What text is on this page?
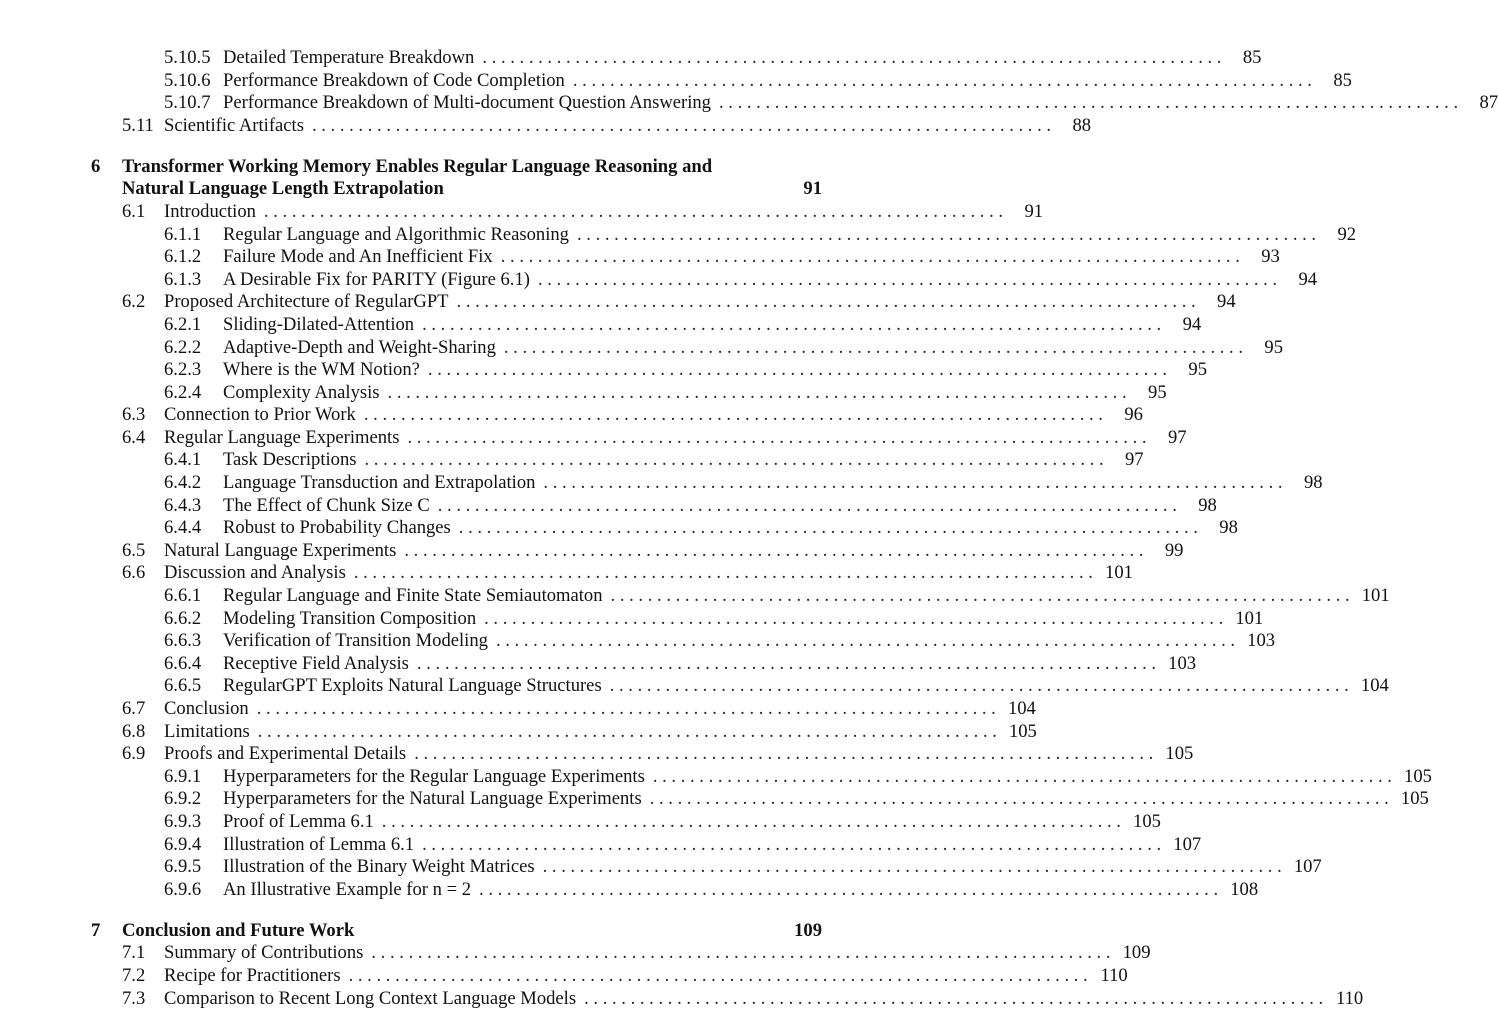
5.10.5 Detailed Temperature Breakdown . . . . . . . . . . . . . . . . . . . . . . . . . . . . . . . . . . . . . . . . . . . . . . . . . . . . . . . . . . . . . . . . . . . . . . . . . . . . . . . .	85
5.10.6 Performance Breakdown of Code Completion . . . . . . . . . . . . . . . . . . . . . . . . . . . . . . . . . . . . . . . . . . . . . . . . . . . . . . . . . . . . . . . . . . . . . . . . . . . . . . . .	85
5.10.7 Performance Breakdown of Multi-document Question Answering . . . . . . . . . . . . . . . . . . . . . . . . . . . . . . . . . . . . . . . . . . . . . . . . . . . . . . . . . . . . . . . . . . . . . . . . . . . . . . . .	87
5.11 Scientific Artifacts . . . . . . . . . . . . . . . . . . . . . . . . . . . . . . . . . . . . . . . . . . . . . . . . . . . . . . . . . . . . . . . . . . . . . . . . . . . . . . . .	88
6	Transformer Working Memory Enables Regular Language Reasoning and Natural Language Length Extrapolation	91
6.1	Introduction . . . . . . . . . . . . . . . . . . . . . . . . . . . . . . . . . . . . . . . . . . . . . . . . . . . . . . . . . . . . . . . . . . . . . . . . . . . . . . . .	91
6.1.1	Regular Language and Algorithmic Reasoning . . . . . . . . . . . . . . . . . . . . . . . . . . . . . . . . . . . . . . . . . . . . . . . . . . . . . . . . . . . . . . . . . . . . . . . . . . . . . . . .	92
6.1.2	Failure Mode and An Inefficient Fix . . . . . . . . . . . . . . . . . . . . . . . . . . . . . . . . . . . . . . . . . . . . . . . . . . . . . . . . . . . . . . . . . . . . . . . . . . . . . . . .	93
6.1.3	A Desirable Fix for PARITY (Figure 6.1) . . . . . . . . . . . . . . . . . . . . . . . . . . . . . . . . . . . . . . . . . . . . . . . . . . . . . . . . . . . . . . . . . . . . . . . . . . . . . . . .	94
6.2	Proposed Architecture of RegularGPT . . . . . . . . . . . . . . . . . . . . . . . . . . . . . . . . . . . . . . . . . . . . . . . . . . . . . . . . . . . . . . . . . . . . . . . . . . . . . . . .	94
6.2.1	Sliding-Dilated-Attention . . . . . . . . . . . . . . . . . . . . . . . . . . . . . . . . . . . . . . . . . . . . . . . . . . . . . . . . . . . . . . . . . . . . . . . . . . . . . . . .	94
6.2.2	Adaptive-Depth and Weight-Sharing . . . . . . . . . . . . . . . . . . . . . . . . . . . . . . . . . . . . . . . . . . . . . . . . . . . . . . . . . . . . . . . . . . . . . . . . . . . . . . . .	95
6.2.3	Where is the WM Notion? . . . . . . . . . . . . . . . . . . . . . . . . . . . . . . . . . . . . . . . . . . . . . . . . . . . . . . . . . . . . . . . . . . . . . . . . . . . . . . . .	95
6.2.4	Complexity Analysis . . . . . . . . . . . . . . . . . . . . . . . . . . . . . . . . . . . . . . . . . . . . . . . . . . . . . . . . . . . . . . . . . . . . . . . . . . . . . . . .	95
6.3	Connection to Prior Work . . . . . . . . . . . . . . . . . . . . . . . . . . . . . . . . . . . . . . . . . . . . . . . . . . . . . . . . . . . . . . . . . . . . . . . . . . . . . . . .	96
6.4	Regular Language Experiments . . . . . . . . . . . . . . . . . . . . . . . . . . . . . . . . . . . . . . . . . . . . . . . . . . . . . . . . . . . . . . . . . . . . . . . . . . . . . . . .	97
6.4.1	Task Descriptions . . . . . . . . . . . . . . . . . . . . . . . . . . . . . . . . . . . . . . . . . . . . . . . . . . . . . . . . . . . . . . . . . . . . . . . . . . . . . . . .	97
6.4.2	Language Transduction and Extrapolation . . . . . . . . . . . . . . . . . . . . . . . . . . . . . . . . . . . . . . . . . . . . . . . . . . . . . . . . . . . . . . . . . . . . . . . . . . . . . . . .	98
6.4.3	The Effect of Chunk Size C . . . . . . . . . . . . . . . . . . . . . . . . . . . . . . . . . . . . . . . . . . . . . . . . . . . . . . . . . . . . . . . . . . . . . . . . . . . . . . . .	98
6.4.4	Robust to Probability Changes . . . . . . . . . . . . . . . . . . . . . . . . . . . . . . . . . . . . . . . . . . . . . . . . . . . . . . . . . . . . . . . . . . . . . . . . . . . . . . . .	98
6.5	Natural Language Experiments . . . . . . . . . . . . . . . . . . . . . . . . . . . . . . . . . . . . . . . . . . . . . . . . . . . . . . . . . . . . . . . . . . . . . . . . . . . . . . . .	99
6.6	Discussion and Analysis . . . . . . . . . . . . . . . . . . . . . . . . . . . . . . . . . . . . . . . . . . . . . . . . . . . . . . . . . . . . . . . . . . . . . . . . . . . . . . . . 101
6.6.1	Regular Language and Finite State Semiautomaton . . . . . . . . . . . . . . . . . . . . . . . . . . . . . . . . . . . . . . . . . . . . . . . . . . . . . . . . . . . . . . . . . . . . . . . . . . . . . . . . 101
6.6.2	Modeling Transition Composition . . . . . . . . . . . . . . . . . . . . . . . . . . . . . . . . . . . . . . . . . . . . . . . . . . . . . . . . . . . . . . . . . . . . . . . . . . . . . . . . 101
6.6.3	Verification of Transition Modeling . . . . . . . . . . . . . . . . . . . . . . . . . . . . . . . . . . . . . . . . . . . . . . . . . . . . . . . . . . . . . . . . . . . . . . . . . . . . . . . . 103
6.6.4	Receptive Field Analysis . . . . . . . . . . . . . . . . . . . . . . . . . . . . . . . . . . . . . . . . . . . . . . . . . . . . . . . . . . . . . . . . . . . . . . . . . . . . . . . . 103
6.6.5	RegularGPT Exploits Natural Language Structures . . . . . . . . . . . . . . . . . . . . . . . . . . . . . . . . . . . . . . . . . . . . . . . . . . . . . . . . . . . . . . . . . . . . . . . . . . . . . . . . 104
6.7	Conclusion . . . . . . . . . . . . . . . . . . . . . . . . . . . . . . . . . . . . . . . . . . . . . . . . . . . . . . . . . . . . . . . . . . . . . . . . . . . . . . . . 104
6.8	Limitations . . . . . . . . . . . . . . . . . . . . . . . . . . . . . . . . . . . . . . . . . . . . . . . . . . . . . . . . . . . . . . . . . . . . . . . . . . . . . . . . 105
6.9	Proofs and Experimental Details . . . . . . . . . . . . . . . . . . . . . . . . . . . . . . . . . . . . . . . . . . . . . . . . . . . . . . . . . . . . . . . . . . . . . . . . . . . . . . . . 105
6.9.1	Hyperparameters for the Regular Language Experiments . . . . . . . . . . . . . . . . . . . . . . . . . . . . . . . . . . . . . . . . . . . . . . . . . . . . . . . . . . . . . . . . . . . . . . . . . . . . . . . . 105
6.9.2	Hyperparameters for the Natural Language Experiments . . . . . . . . . . . . . . . . . . . . . . . . . . . . . . . . . . . . . . . . . . . . . . . . . . . . . . . . . . . . . . . . . . . . . . . . . . . . . . . . 105
6.9.3	Proof of Lemma 6.1 . . . . . . . . . . . . . . . . . . . . . . . . . . . . . . . . . . . . . . . . . . . . . . . . . . . . . . . . . . . . . . . . . . . . . . . . . . . . . . . . 105
6.9.4	Illustration of Lemma 6.1 . . . . . . . . . . . . . . . . . . . . . . . . . . . . . . . . . . . . . . . . . . . . . . . . . . . . . . . . . . . . . . . . . . . . . . . . . . . . . . . . 107
6.9.5	Illustration of the Binary Weight Matrices . . . . . . . . . . . . . . . . . . . . . . . . . . . . . . . . . . . . . . . . . . . . . . . . . . . . . . . . . . . . . . . . . . . . . . . . . . . . . . . . 107
6.9.6	An Illustrative Example for n = 2 . . . . . . . . . . . . . . . . . . . . . . . . . . . . . . . . . . . . . . . . . . . . . . . . . . . . . . . . . . . . . . . . . . . . . . . . . . . . . . . . 108
7	Conclusion and Future Work	109
7.1	Summary of Contributions . . . . . . . . . . . . . . . . . . . . . . . . . . . . . . . . . . . . . . . . . . . . . . . . . . . . . . . . . . . . . . . . . . . . . . . . . . . . . . . . 109
7.2	Recipe for Practitioners . . . . . . . . . . . . . . . . . . . . . . . . . . . . . . . . . . . . . . . . . . . . . . . . . . . . . . . . . . . . . . . . . . . . . . . . . . . . . . . . 110
7.3	Comparison to Recent Long Context Language Models . . . . . . . . . . . . . . . . . . . . . . . . . . . . . . . . . . . . . . . . . . . . . . . . . . . . . . . . . . . . . . . . . . . . . . . . . . . . . . . . 110
